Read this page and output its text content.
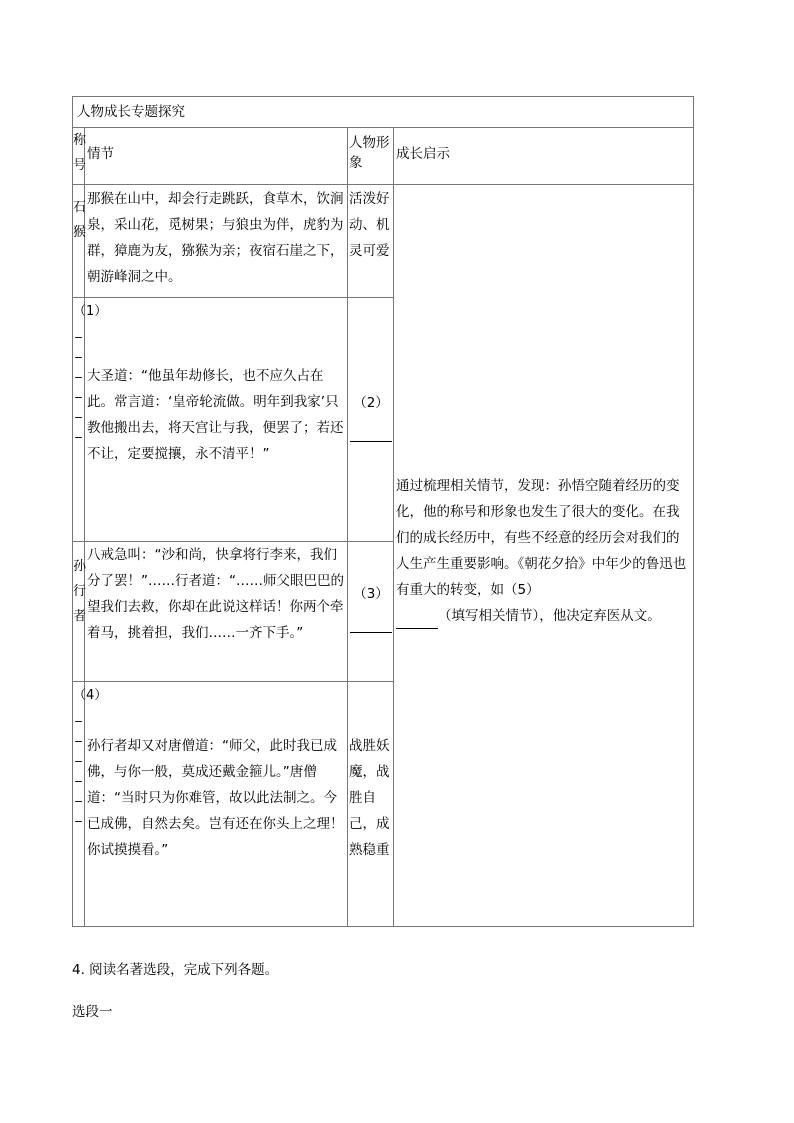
人物成长专题探究
称号
情节
人物形象
成长启示
石猴
那猴在山中，却会行走跳跃，食草木，饮涧泉，采山花，觅树果；与狼虫为伴，虎豹为群，獐鹿为友，猕猴为亲；夜宿石崖之下，朝游峰洞之中。
活泼好动、机灵可爱
（1）______
大圣道：“他虽年劫修长，也不应久占在此。常言道：‘皇帝轮流做。明年到我家’只教他搬出去，将天宫让与我，便罢了；若还不让，定要搅攘，永不清平！”
（2）
孙行者
八戒急叫：“沙和尚，快拿将行李来，我们分了罢！”……行者道：“……师父眼巴巴的望我们去救，你却在此说这样话！你两个牵着马，挑着担，我们……一齐下手。”
（3）
（4）______
孙行者却又对唐僧道：“师父，此时我已成佛，与你一般，莫成还戴金箍儿。”唐僧道：“当时只为你难管，故以此法制之。今已成佛，自然去矣。岂有还在你头上之理！你试摸摸看。”
战胜妖魔，战胜自己，成熟稳重
通过梳理相关情节，发现：孙悟空随着经历的变化，他的称号和形象也发生了很大的变化。在我们的成长经历中，有些不经意的经历会对我们的人生产生重要影响。《朝花夕拾》中年少的鲁迅也有重大的转变，如（5）
（填写相关情节），他决定弃医从文。
4. 阅读名著选段，完成下列各题。
选段一
